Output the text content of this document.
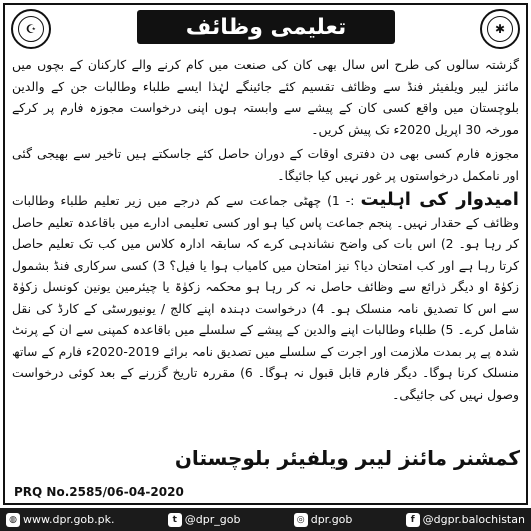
☪	تعلیمی وظائف	✱

گزشتہ سالوں کی طرح اس سال بھی کان کی صنعت میں کام کرنے والے کارکنان کے بچوں میں مائنز لیبر ویلفیئر فنڈ سے وظائف تقسیم کئے جائینگے لہٰذا ایسے طلباء وطالبات جن کے والدین بلوچستان میں واقع کسی کان کے پیشے سے وابستہ ہوں اپنی درخواست مجوزہ فارم پر کرکے مورخہ 30 اپریل 2020ء تک پیش کریں۔

مجوزہ فارم کسی بھی دن دفتری اوقات کے دوران حاصل کئے جاسکتے ہیں تاخیر سے بھیجی گئی اور نامکمل درخواستوں پر غور نہیں کیا جائیگا۔

امیدوار کی اہلیت :- 1) چھٹی جماعت سے کم درجے میں زیر تعلیم طلباء وطالبات وظائف کے حقدار نہیں۔ پنجم جماعت پاس کیا ہو اور کسی تعلیمی ادارے میں باقاعدہ تعلیم حاصل کر رہا ہو۔ 2) اس بات کی واضح نشاندہی کرے کہ سابقہ ادارہ کلاس میں کب تک تعلیم حاصل کرتا رہا ہے اور کب امتحان دیا؟ نیز امتحان میں کامیاب ہوا یا فیل؟ 3) کسی سرکاری فنڈ بشمول زکوٰۃ او دیگر ذرائع سے وظائف حاصل نہ کر رہا ہو محکمہ زکوٰۃ یا چیئرمین یونین کونسل زکوٰۃ سے اس کا تصدیق نامہ منسلک ہو۔ 4) درخواست دہندہ اپنے کالج / یونیورسٹی کے کارڈ کی نقل شامل کرے۔ 5) طلباء وطالبات اپنے والدین کے پیشے کے سلسلے میں باقاعدہ کمپنی سے ان کے پرنٹ شدہ پے پر بمدت ملازمت اور اجرت کے سلسلے میں تصدیق نامہ برائے 2019-2020ء فارم کے ساتھ منسلک کرنا ہوگا۔ دیگر فارم قابل قبول نہ ہوگا۔ 6) مقررہ تاریخ گزرنے کے بعد کوئی درخواست وصول نہیں کی جائیگی۔

کمشنر مائنز لیبر ویلفیئر بلوچستان
PRQ No.2585/06-04-2020
◍ www.dpr.gob.pk.	t @dpr_gob	◎ dpr.gob	f @dgpr.balochistan
